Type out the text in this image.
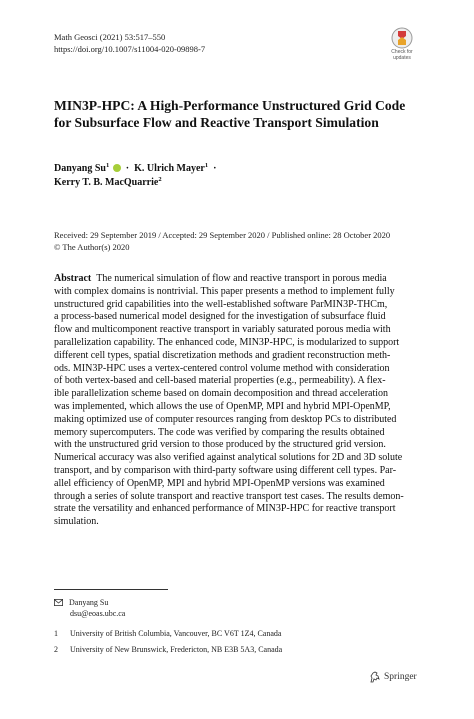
Math Geosci (2021) 53:517–550
https://doi.org/10.1007/s11004-020-09898-7	Check for
updates
MIN3P-HPC: A High-Performance Unstructured Grid Code for Subsurface Flow and Reactive Transport Simulation
Danyang $Su^1 \cdot K$. Ulrich Mayer$^1$ ·
Kerry T. B. MacQuarrie$^2$
Received: 29 September 2019 / Accepted: 29 September 2020 / Published online: 28 October 2020
© The Author(s) 2020
Abstract The numerical simulation of flow and reactive transport in porous media
with complex domains is nontrivial. This paper presents a method to implement fully
unstructured grid capabilities into the well-established software ParMIN3P-THCm,
a process-based numerical model designed for the investigation of subsurface fluid
flow and multicomponent reactive transport in variably saturated porous media with
parallelization capability. The enhanced code, MIN3P-HPC, is modularized to support
different cell types, spatial discretization methods and gradient reconstruction meth-
ods. MIN3P-HPC uses a vertex-centered control volume method with consideration
of both vertex-based and cell-based material properties (e.g., permeability). A flex-
ible parallelization scheme based on domain decomposition and thread acceleration
was implemented, which allows the use of OpenMP, MPI and hybrid MPI-OpenMP,
making optimized use of computer resources ranging from desktop PCs to distributed
memory supercomputers. The code was verified by comparing the results obtained
with the unstructured grid version to those produced by the structured grid version.
Numerical accuracy was also verified against analytical solutions for 2D and 3D solute
transport, and by comparison with third-party software using different cell types. Par-
allel efficiency of OpenMP, MPI and hybrid MPI-OpenMP versions was examined
through a series of solute transport and reactive transport test cases. The results demon-
strate the versatility and enhanced performance of MIN3P-HPC for reactive transport
simulation.
Danyang Su
dsu@eoas.ubc.ca
1 University of British Columbia, Vancouver, BC V6T 1Z4, Canada
2 University of New Brunswick, Fredericton, NB E3B 5A3, Canada
Springer
